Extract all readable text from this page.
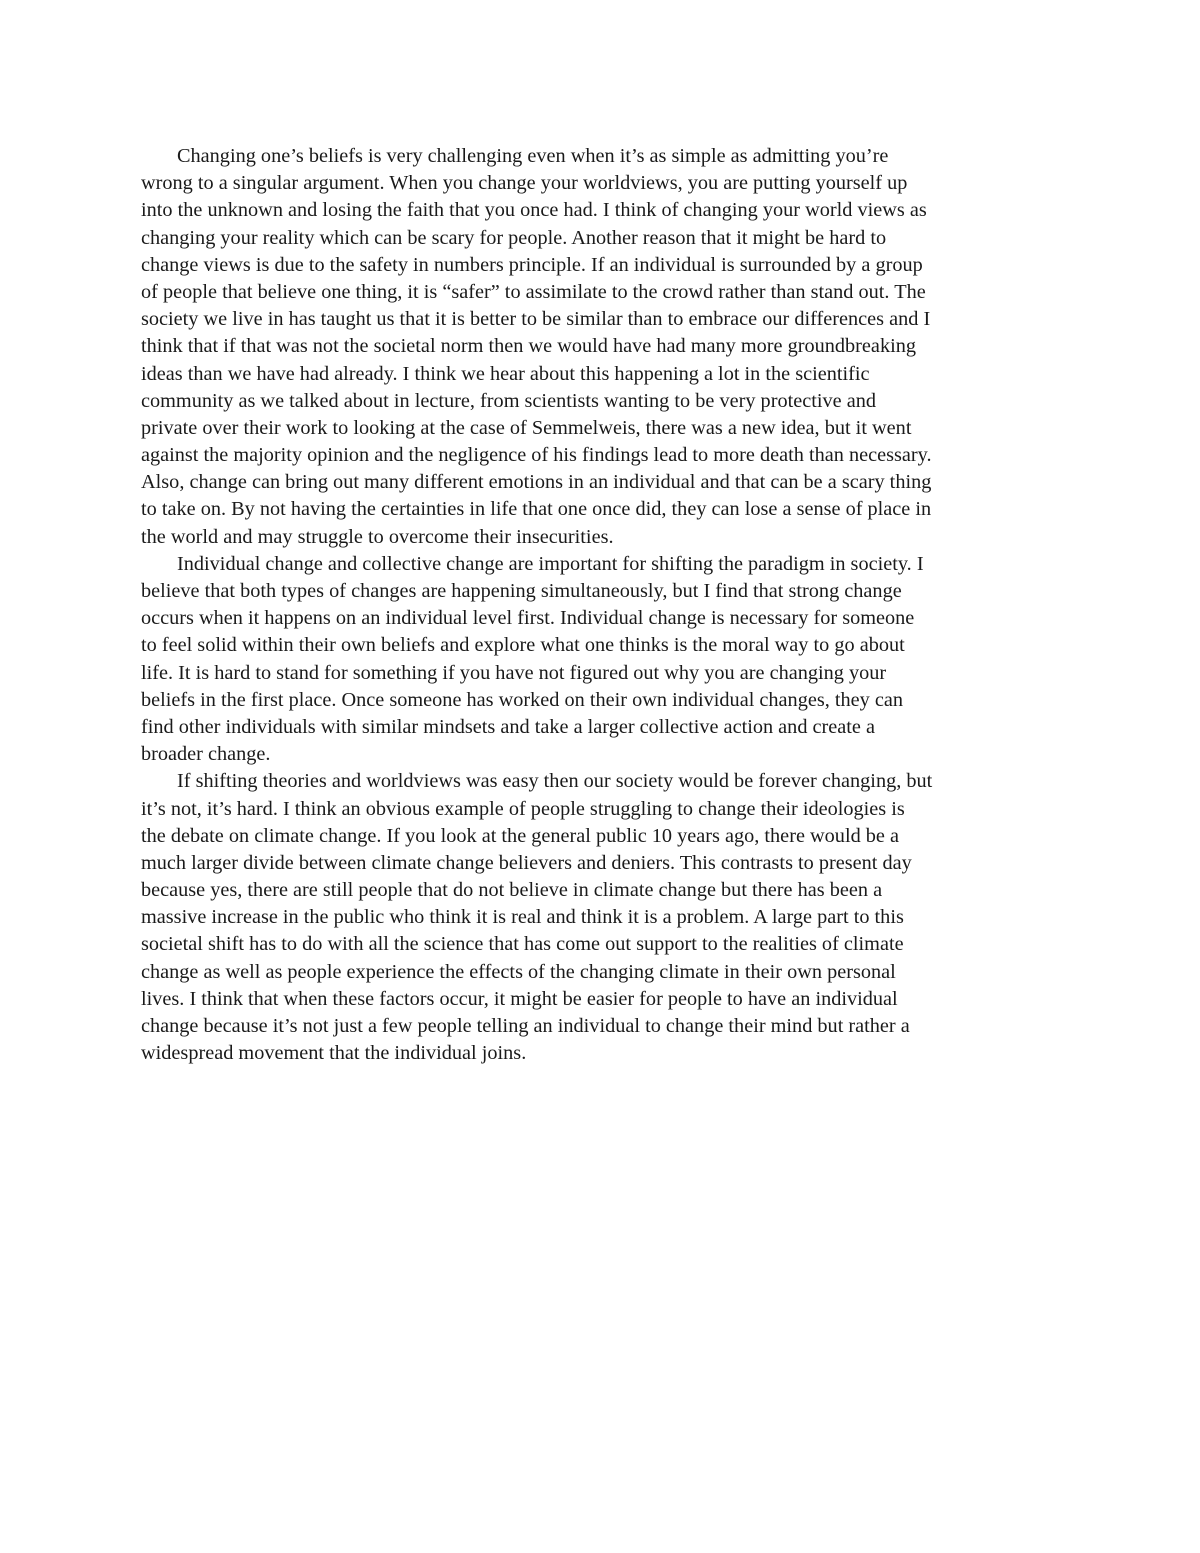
Changing one’s beliefs is very challenging even when it’s as simple as admitting you’re
wrong to a singular argument. When you change your worldviews, you are putting yourself up
into the unknown and losing the faith that you once had. I think of changing your world views as
changing your reality which can be scary for people. Another reason that it might be hard to
change views is due to the safety in numbers principle. If an individual is surrounded by a group
of people that believe one thing, it is “safer” to assimilate to the crowd rather than stand out. The
society we live in has taught us that it is better to be similar than to embrace our differences and I
think that if that was not the societal norm then we would have had many more groundbreaking
ideas than we have had already. I think we hear about this happening a lot in the scientific
community as we talked about in lecture, from scientists wanting to be very protective and
private over their work to looking at the case of Semmelweis, there was a new idea, but it went
against the majority opinion and the negligence of his findings lead to more death than necessary.
Also, change can bring out many different emotions in an individual and that can be a scary thing
to take on. By not having the certainties in life that one once did, they can lose a sense of place in
the world and may struggle to overcome their insecurities.
Individual change and collective change are important for shifting the paradigm in society. I
believe that both types of changes are happening simultaneously, but I find that strong change
occurs when it happens on an individual level first. Individual change is necessary for someone
to feel solid within their own beliefs and explore what one thinks is the moral way to go about
life. It is hard to stand for something if you have not figured out why you are changing your
beliefs in the first place. Once someone has worked on their own individual changes, they can
find other individuals with similar mindsets and take a larger collective action and create a
broader change.
If shifting theories and worldviews was easy then our society would be forever changing, but
it’s not, it’s hard. I think an obvious example of people struggling to change their ideologies is
the debate on climate change. If you look at the general public 10 years ago, there would be a
much larger divide between climate change believers and deniers. This contrasts to present day
because yes, there are still people that do not believe in climate change but there has been a
massive increase in the public who think it is real and think it is a problem. A large part to this
societal shift has to do with all the science that has come out support to the realities of climate
change as well as people experience the effects of the changing climate in their own personal
lives. I think that when these factors occur, it might be easier for people to have an individual
change because it’s not just a few people telling an individual to change their mind but rather a
widespread movement that the individual joins.
